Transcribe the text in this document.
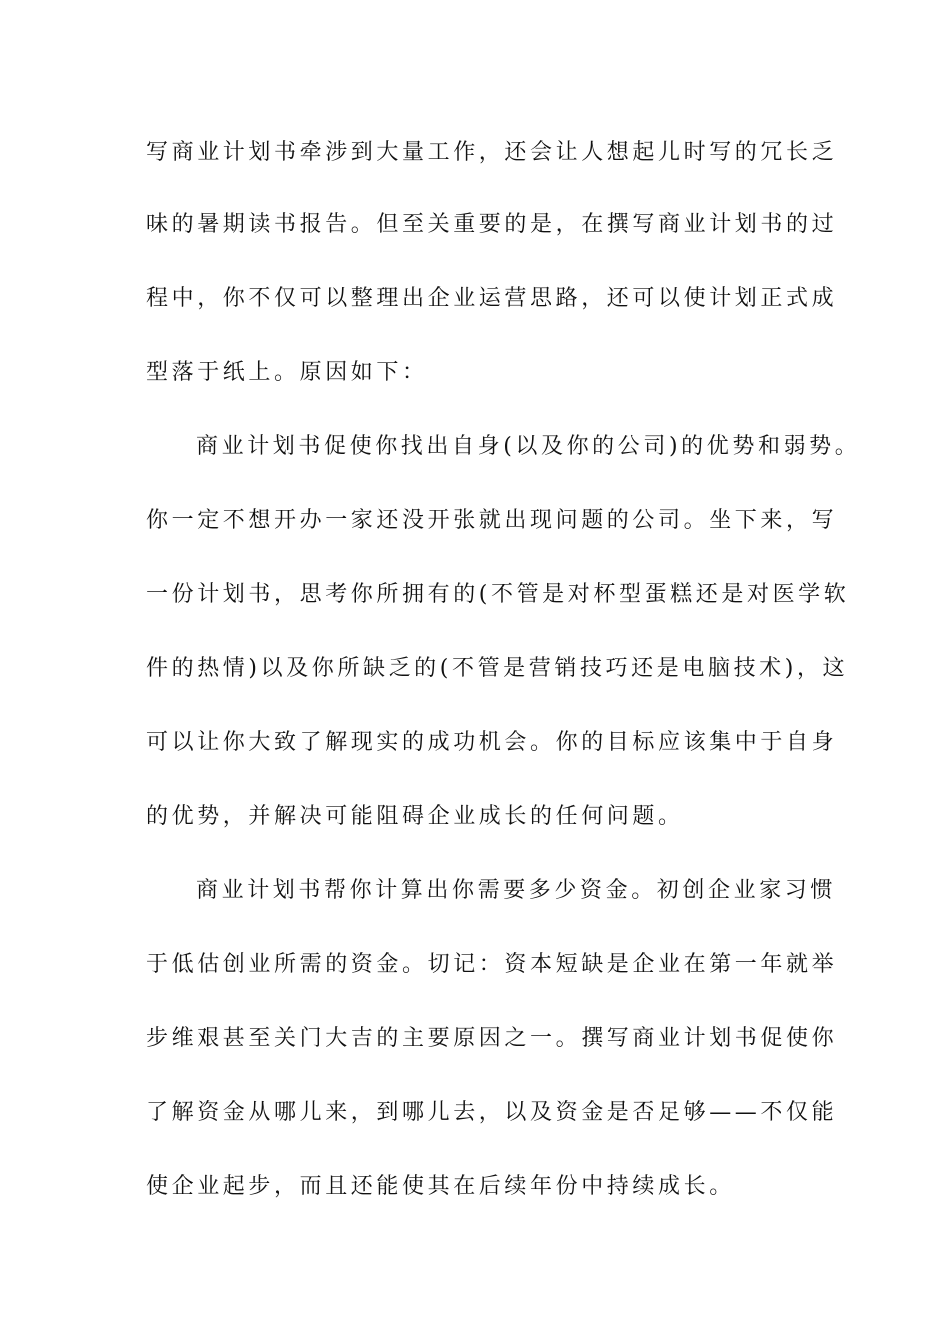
写商业计划书牵涉到大量工作，还会让人想起儿时写的冗长乏
味的暑期读书报告。但至关重要的是，在撰写商业计划书的过
程中，你不仅可以整理出企业运营思路，还可以使计划正式成
型落于纸上。原因如下：
商业计划书促使你找出自身(以及你的公司)的优势和弱势。
你一定不想开办一家还没开张就出现问题的公司。坐下来，写
一份计划书，思考你所拥有的(不管是对杯型蛋糕还是对医学软
件的热情)以及你所缺乏的(不管是营销技巧还是电脑技术)，这
可以让你大致了解现实的成功机会。你的目标应该集中于自身
的优势，并解决可能阻碍企业成长的任何问题。
商业计划书帮你计算出你需要多少资金。初创企业家习惯
于低估创业所需的资金。切记：资本短缺是企业在第一年就举
步维艰甚至关门大吉的主要原因之一。撰写商业计划书促使你
了解资金从哪儿来，到哪儿去，以及资金是否足够——不仅能
使企业起步，而且还能使其在后续年份中持续成长。
